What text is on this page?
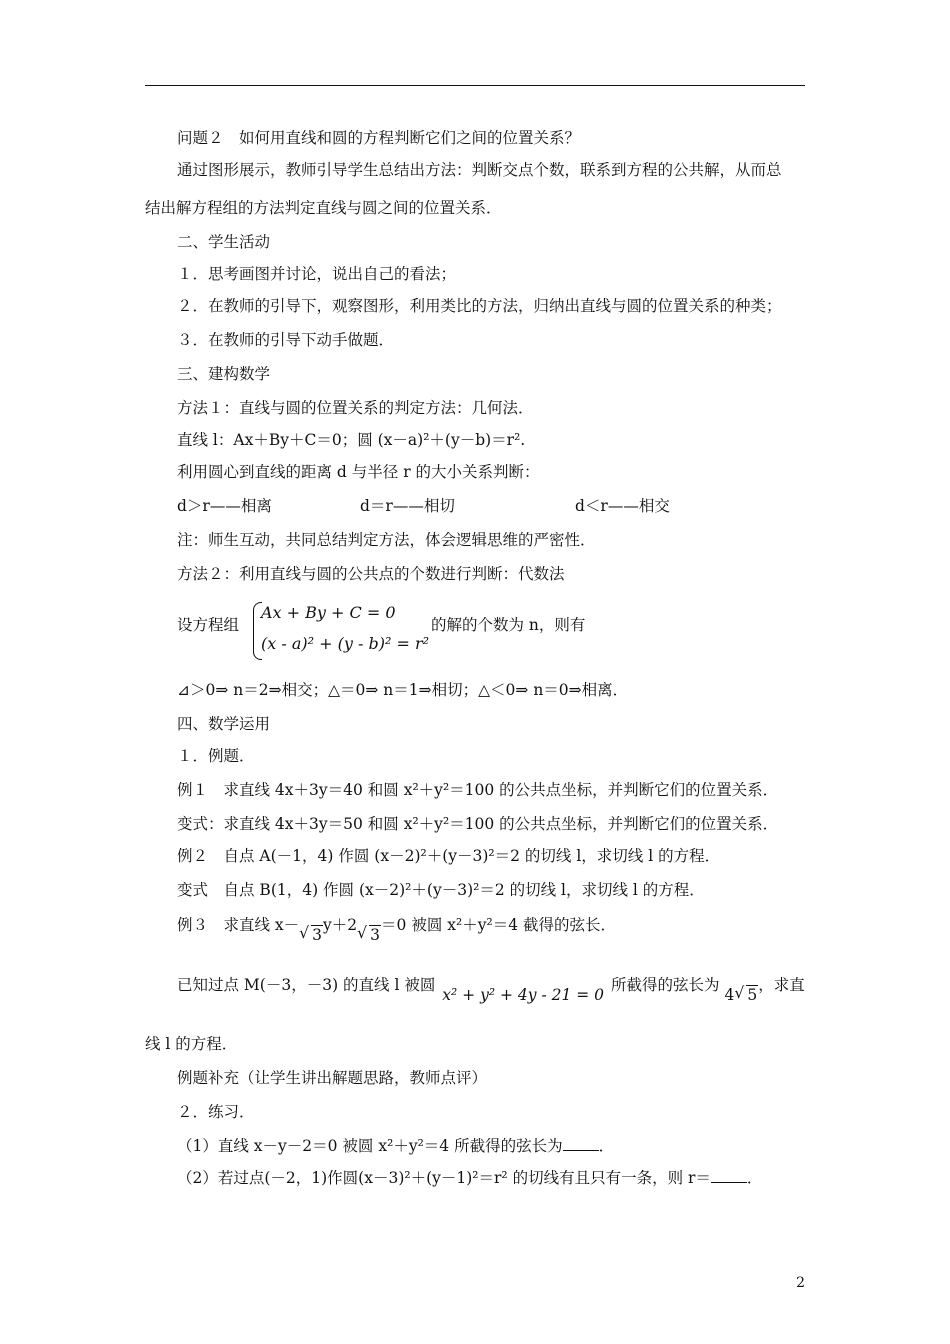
问题２　如何用直线和圆的方程判断它们之间的位置关系？
通过图形展示，教师引导学生总结出方法：判断交点个数，联系到方程的公共解，从而总
结出解方程组的方法判定直线与圆之间的位置关系．
二、学生活动
１．思考画图并讨论，说出自己的看法；
２．在教师的引导下，观察图形，利用类比的方法，归纳出直线与圆的位置关系的种类；
３．在教师的引导下动手做题．
三、建构数学
方法１：直线与圆的位置关系的判定方法：几何法．
直线 l：Ax＋By＋C＝0；圆 (x－a)²＋(y－b)＝r².
利用圆心到直线的距离 d 与半径 r 的大小关系判断：
d＞r——相离	d＝r——相切	d＜r——相交
注：师生互动，共同总结判定方法，体会逻辑思维的严密性．
方法２：利用直线与圆的公共点的个数进行判断：代数法
设方程组
Ax + By + C = 0
(x - a)² + (y - b)² = r²
的解的个数为 n，则有
⊿＞0⇒ n＝2⇒相交；△＝0⇒ n＝1⇒相切；△＜0⇒ n＝0⇒相离．
四、数学运用
１．例题．
例１　求直线 4x＋3y＝40 和圆 x²＋y²＝100 的公共点坐标，并判断它们的位置关系．
变式：求直线 4x＋3y＝50 和圆 x²＋y²＝100 的公共点坐标，并判断它们的位置关系．
例２　自点 A(－1，4) 作圆 (x－2)²＋(y－3)²＝2 的切线 l，求切线 l 的方程．
变式　自点 B(1，4) 作圆 (x－2)²＋(y－3)²＝2 的切线 l，求切线 l 的方程．
例３　求直线 x－√ 3y＋2√ 3＝0 被圆 x²＋y²＝4 截得的弦长．
已知过点 M(－3，－3) 的直线 l 被圆 x² + y² + 4y - 21 = 0 所截得的弦长为 4√ 5，求直
线 l 的方程．
例题补充（让学生讲出解题思路，教师点评）
２．练习．
（1）直线 x－y－2＝0 被圆 x²＋y²＝4 所截得的弦长为 ．
（2）若过点(－2，1)作圆(x－3)²＋(y－1)²＝r² 的切线有且只有一条，则 r＝ ．
2
